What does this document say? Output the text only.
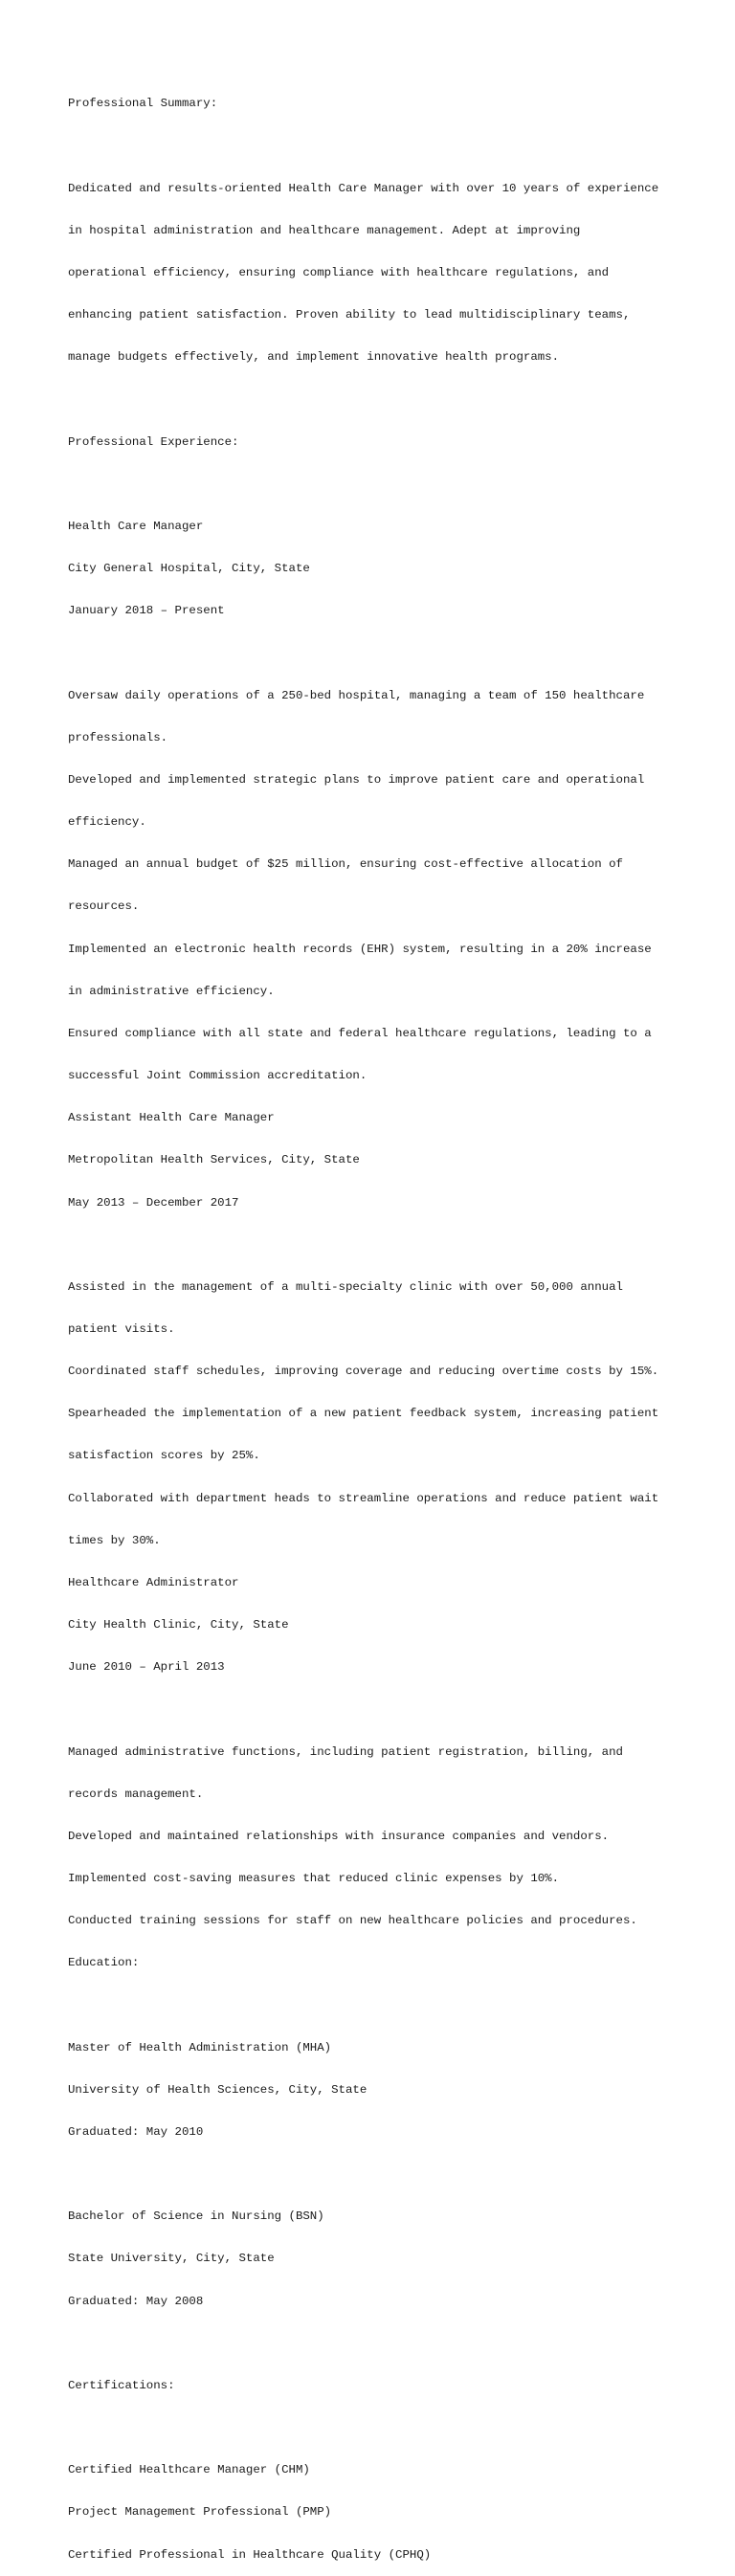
Professional Summary:

Dedicated and results-oriented Health Care Manager with over 10 years of experience

in hospital administration and healthcare management. Adept at improving

operational efficiency, ensuring compliance with healthcare regulations, and

enhancing patient satisfaction. Proven ability to lead multidisciplinary teams,

manage budgets effectively, and implement innovative health programs.

Professional Experience:

Health Care Manager

City General Hospital, City, State

January 2018 – Present

Oversaw daily operations of a 250-bed hospital, managing a team of 150 healthcare

professionals.

Developed and implemented strategic plans to improve patient care and operational

efficiency.

Managed an annual budget of $25 million, ensuring cost-effective allocation of

resources.

Implemented an electronic health records (EHR) system, resulting in a 20% increase

in administrative efficiency.

Ensured compliance with all state and federal healthcare regulations, leading to a

successful Joint Commission accreditation.

Assistant Health Care Manager

Metropolitan Health Services, City, State

May 2013 – December 2017

Assisted in the management of a multi-specialty clinic with over 50,000 annual

patient visits.

Coordinated staff schedules, improving coverage and reducing overtime costs by 15%.

Spearheaded the implementation of a new patient feedback system, increasing patient

satisfaction scores by 25%.

Collaborated with department heads to streamline operations and reduce patient wait

times by 30%.

Healthcare Administrator

City Health Clinic, City, State

June 2010 – April 2013

Managed administrative functions, including patient registration, billing, and

records management.

Developed and maintained relationships with insurance companies and vendors.

Implemented cost-saving measures that reduced clinic expenses by 10%.

Conducted training sessions for staff on new healthcare policies and procedures.

Education:

Master of Health Administration (MHA)

University of Health Sciences, City, State

Graduated: May 2010

Bachelor of Science in Nursing (BSN)

State University, City, State

Graduated: May 2008

Certifications:

Certified Healthcare Manager (CHM)

Project Management Professional (PMP)

Certified Professional in Healthcare Quality (CPHQ)
